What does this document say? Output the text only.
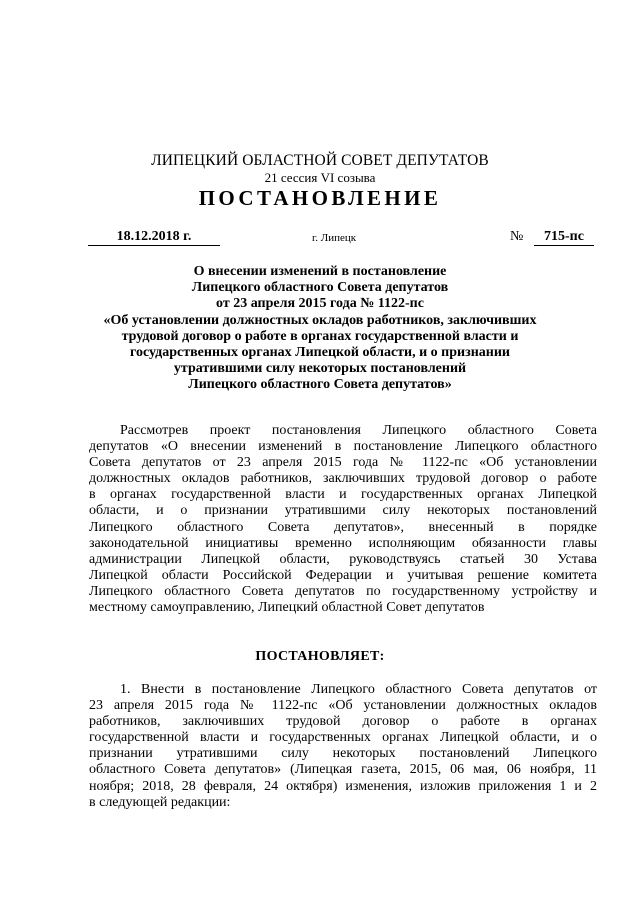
ЛИПЕЦКИЙ ОБЛАСТНОЙ СОВЕТ ДЕПУТАТОВ
21 сессия VI созыва
ПОСТАНОВЛЕНИЕ
18.12.2018 г.	г. Липецк	№	715-пс
О внесении изменений в постановление
Липецкого областного Совета депутатов
от 23 апреля 2015 года № 1122-пс
«Об установлении должностных окладов работников, заключивших
трудовой договор о работе в органах государственной власти и
государственных органах Липецкой области, и о признании
утратившими силу некоторых постановлений
Липецкого областного Совета депутатов»
Рассмотрев проект постановления Липецкого областного Совета
депутатов «О внесении изменений в постановление Липецкого областного
Совета депутатов от 23 апреля 2015 года № 1122-пс «Об установлении
должностных окладов работников, заключивших трудовой договор о работе
в органах государственной власти и государственных органах Липецкой
области, и о признании утратившими силу некоторых постановлений
Липецкого областного Совета депутатов», внесенный в порядке
законодательной инициативы временно исполняющим обязанности главы
администрации Липецкой области, руководствуясь статьей 30 Устава
Липецкой области Российской Федерации и учитывая решение комитета
Липецкого областного Совета депутатов по государственному устройству и
местному самоуправлению, Липецкий областной Совет депутатов
ПОСТАНОВЛЯЕТ:
1. Внести в постановление Липецкого областного Совета депутатов от
23 апреля 2015 года № 1122-пс «Об установлении должностных окладов
работников, заключивших трудовой договор о работе в органах
государственной власти и государственных органах Липецкой области, и о
признании утратившими силу некоторых постановлений Липецкого
областного Совета депутатов» (Липецкая газета, 2015, 06 мая, 06 ноября, 11
ноября; 2018, 28 февраля, 24 октября) изменения, изложив приложения 1 и 2
в следующей редакции:
